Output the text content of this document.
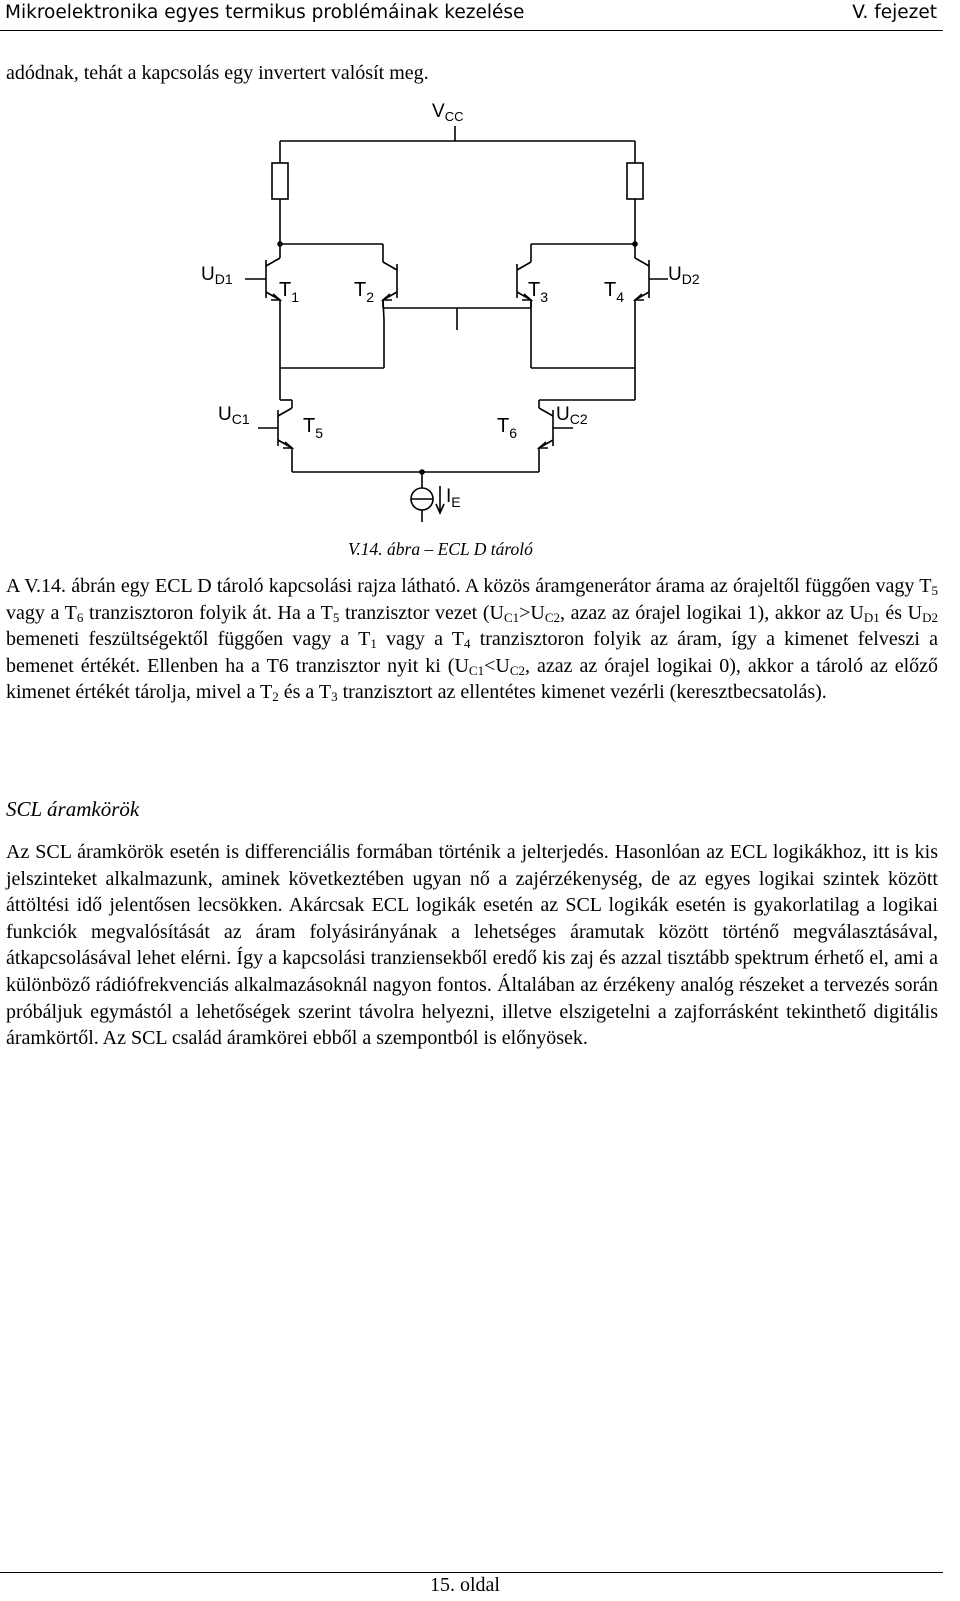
Mikroelektronika egyes termikus problémáinak kezelése	V. fejezet
adódnak, tehát a kapcsolás egy invertert valósít meg.
$V_{CC}$
$U_{D1}$ $T_1$	$T_2$	$T_3$	$T_4$
$U_{D2}$
$U_{C1}$	$T_5$	$T_6$
$U_{C2}$
$I_E$
V.14. ábra – ECL D tároló
A V.14. ábrán egy ECL D tároló kapcsolási rajza látható. A közös áramgenerátor árama az órajeltől függően vagy $T_5$ vagy a $T_6$ tranzisztoron folyik át. Ha a $T_5$ tranzisztor vezet ($U_{C1}>U_{C2}$, azaz az órajel logikai 1), akkor az $U_{D1}$ és $U_{D2}$ bemeneti feszültségektől függően vagy a $T_1$ vagy a $T_4$ tranzisztoron folyik az áram, így a kimenet felveszi a bemenet értékét. Ellenben ha a T6 tranzisztor nyit ki ($U_{C1}<U_{C2}$, azaz az órajel logikai 0), akkor a tároló az előző kimenet értékét tárolja, mivel a $T_2$ és a $T_3$ tranzisztort az ellentétes kimenet vezérli (keresztbecsatolás).
SCL áramkörök
Az SCL áramkörök esetén is differenciális formában történik a jelterjedés. Hasonlóan az ECL logikákhoz, itt is kis jelszinteket alkalmazunk, aminek következtében ugyan nő a zajérzékenység, de az egyes logikai szintek között áttöltési idő jelentősen lecsökken. Akárcsak ECL logikák esetén az SCL logikák esetén is gyakorlatilag a logikai funkciók megvalósítását az áram folyásirányának a lehetséges áramutak között történő megválasztásával, átkapcsolásával lehet elérni. Így a kapcsolási tranziensekből eredő kis zaj és azzal tisztább spektrum érhető el, ami a különböző rádiófrekvenciás alkalmazásoknál nagyon fontos. Általában az érzékeny analóg részeket a tervezés során próbáljuk egymástól a lehetőségek szerint távolra helyezni, illetve elszigetelni a zajforrásként tekinthető digitális áramkörtől. Az SCL család áramkörei ebből a szempontból is előnyösek.
15. oldal
